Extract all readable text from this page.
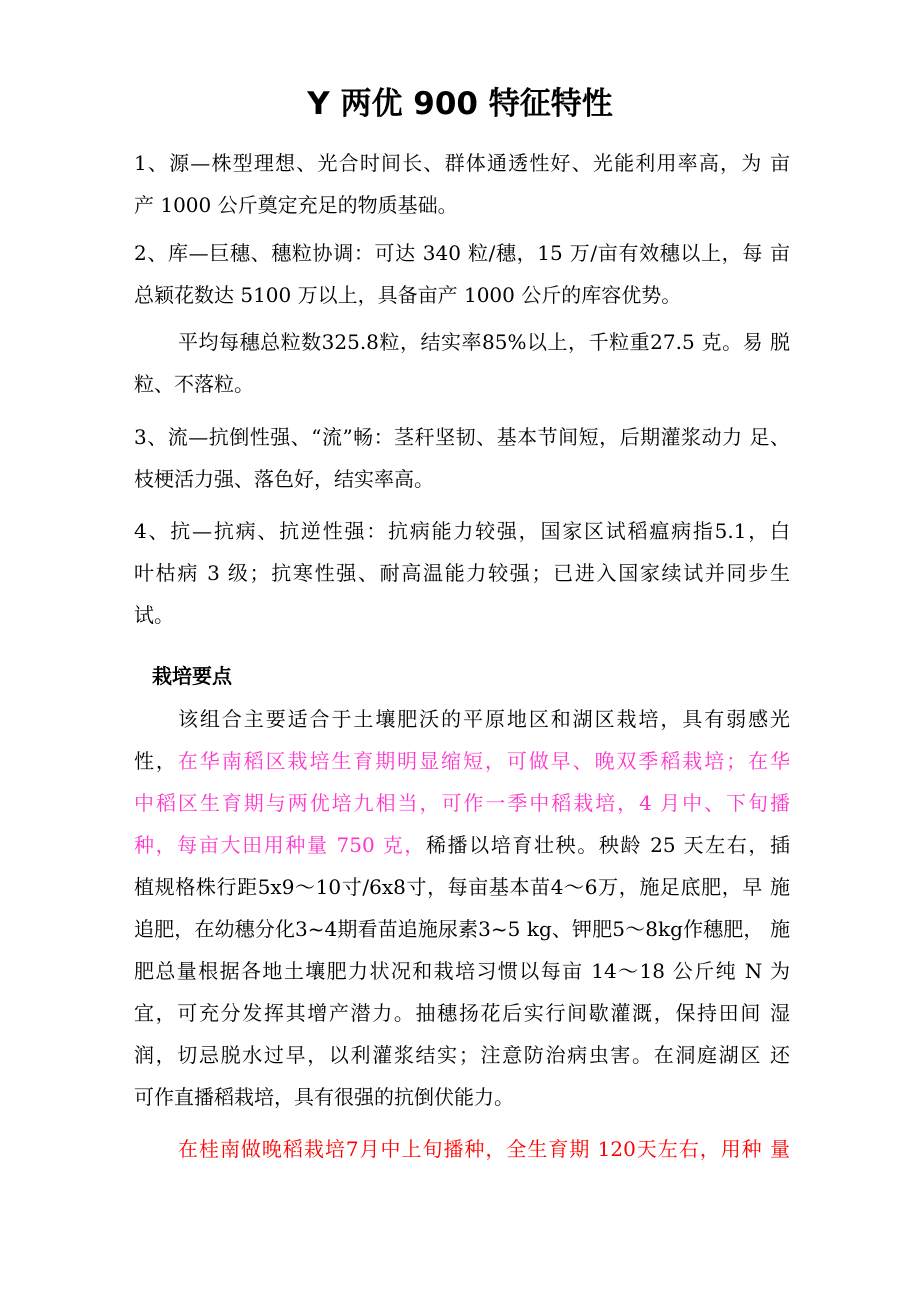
Y 两优 900 特征特性

1、源—株型理想、光合时间长、群体通透性好、光能利用率高，为 亩
产 1000 公斤奠定充足的物质基础。

2、库—巨穗、穗粒协调：可达 340 粒/穗，15 万/亩有效穗以上，每 亩
总颖花数达 5100 万以上，具备亩产 1000 公斤的库容优势。

平均每穗总粒数325.8粒，结实率85%以上，千粒重27.5 克。易 脱
粒、不落粒。

3、流—抗倒性强、“流”畅：茎秆坚韧、基本节间短，后期灌浆动力 足、
枝梗活力强、落色好，结实率高。

4、抗—抗病、抗逆性强：抗病能力较强，国家区试稻瘟病指5.1，白
叶枯病 3 级；抗寒性强、耐高温能力较强；已进入国家续试并同步生
试。

栽培要点

该组合主要适合于土壤肥沃的平原地区和湖区栽培，具有弱感光
性，在华南稻区栽培生育期明显缩短，可做早、晚双季稻栽培；在华
中稻区生育期与两优培九相当，可作一季中稻栽培，4 月中、下旬播
种，每亩大田用种量 750 克，稀播以培育壮秧。秧龄 25 天左右，插
植规格株行距5x9～10寸/6x8寸，每亩基本苗4～6万，施足底肥，早 施
追肥，在幼穗分化3~4期看苗追施尿素3~5 kg、钾肥5～8kg作穗肥， 施
肥总量根据各地土壤肥力状况和栽培习惯以每亩 14～18 公斤纯 N 为
宜，可充分发挥其增产潜力。抽穗扬花后实行间歇灌溉，保持田间 湿
润，切忌脱水过早，以利灌浆结实；注意防治病虫害。在洞庭湖区 还
可作直播稻栽培，具有很强的抗倒伏能力。

在桂南做晚稻栽培7月中上旬播种，全生育期 120天左右，用种 量
